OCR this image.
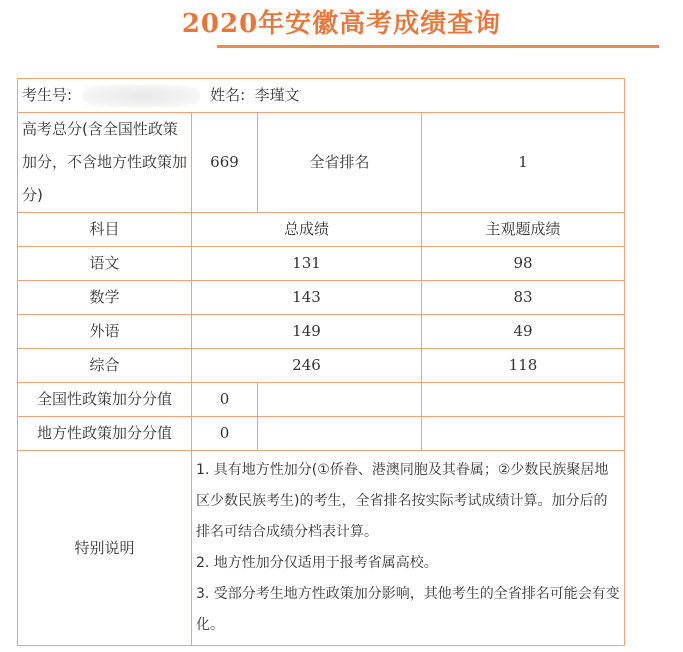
2020年安徽高考成绩查询
考生号: 姓名: 李瑾文			
高考总分(含全国性政策加分，不含地方性政策加分)	669	全省排名	1
科目	总成绩		主观题成绩
语文	131		98
数学	143		83
外语	149		49
综合	246		118
全国性政策加分分值	0		
地方性政策加分分值	0		
特别说明	1. 具有地方性加分(①侨眷、港澳同胞及其眷属；②少数民族聚居地区少数民族考生)的考生，全省排名按实际考试成绩计算。加分后的排名可结合成绩分档表计算。

2. 地方性加分仅适用于报考省属高校。

3. 受部分考生地方性政策加分影响，其他考生的全省排名可能会有变化。		
